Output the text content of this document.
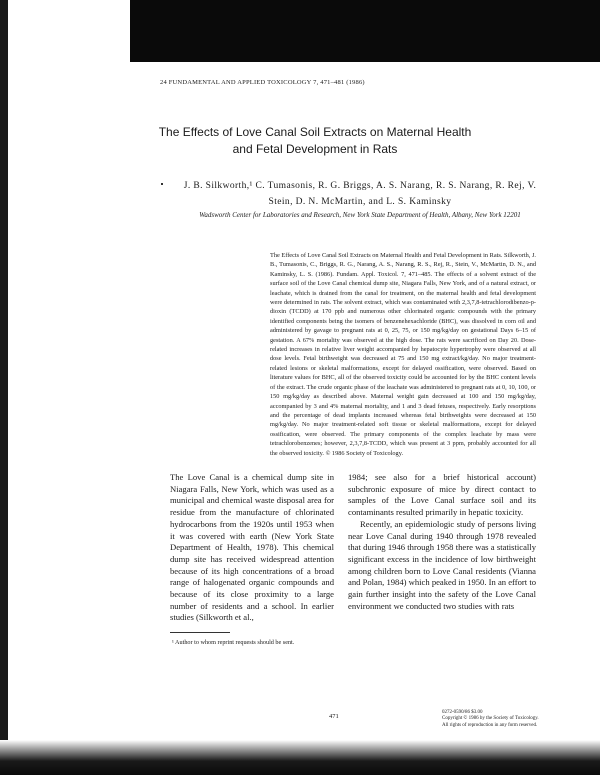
24 FUNDAMENTAL AND APPLIED TOXICOLOGY 7, 471–481 (1986)
The Effects of Love Canal Soil Extracts on Maternal Health and Fetal Development in Rats
J. B. Silkworth,¹ C. Tumasonis, R. G. Briggs, A. S. Narang, R. S. Narang, R. Rej, V. Stein, D. N. McMartin, and L. S. Kaminsky
Wadsworth Center for Laboratories and Research, New York State Department of Health, Albany, New York 12201
The Effects of Love Canal Soil Extracts on Maternal Health and Fetal Development in Rats. Silkworth, J. B., Tumasonis, C., Briggs, R. G., Narang, A. S., Narang, R. S., Rej, R., Stein, V., McMartin, D. N., and Kaminsky, L. S. (1986). Fundam. Appl. Toxicol. 7, 471–485. The effects of a solvent extract of the surface soil of the Love Canal chemical dump site, Niagara Falls, New York, and of a natural extract, or leachate, which is drained from the canal for treatment, on the maternal health and fetal development were determined in rats. The solvent extract, which was contaminated with 2,3,7,8-tetrachlorodibenzo-p-dioxin (TCDD) at 170 ppb and numerous other chlorinated organic compounds with the primary identified components being the isomers of benzenehexachloride (BHC), was dissolved in corn oil and administered by gavage to pregnant rats at 0, 25, 75, or 150 mg/kg/day on gestational Days 6–15 of gestation. A 67% mortality was observed at the high dose. The rats were sacrificed on Day 20. Dose-related increases in relative liver weight accompanied by hepatocyte hypertrophy were observed at all dose levels. Fetal birthweight was decreased at 75 and 150 mg extract/kg/day. No major treatment-related lesions or skeletal malformations, except for delayed ossification, were observed. Based on literature values for BHC, all of the observed toxicity could be accounted for by the BHC content levels of the extract. The crude organic phase of the leachate was administered to pregnant rats at 0, 10, 100, or 150 mg/kg/day as described above. Maternal weight gain decreased at 100 and 150 mg/kg/day, accompanied by 3 and 4% maternal mortality, and 1 and 3 dead fetuses, respectively. Early resorptions and the percentage of dead implants increased whereas fetal birthweights were decreased at 150 mg/kg/day. No major treatment-related soft tissue or skeletal malformations, except for delayed ossification, were observed. The primary components of the complex leachate by mass were tetrachlorobenzenes; however, 2,3,7,8-TCDD, which was present at 3 ppm, probably accounted for all the observed toxicity. © 1986 Society of Toxicology.
The Love Canal is a chemical dump site in Niagara Falls, New York, which was used as a municipal and chemical waste disposal area for residue from the manufacture of chlorinated hydrocarbons from the 1920s until 1953 when it was covered with earth (New York State Department of Health, 1978). This chemical dump site has received widespread attention because of its high concentrations of a broad range of halogenated organic compounds and because of its close proximity to a large number of residents and a school. In earlier studies (Silkworth et al.,
1984; see also for a brief historical account) subchronic exposure of mice by direct contact to samples of the Love Canal surface soil and its contaminants resulted primarily in hepatic toxicity.
Recently, an epidemiologic study of persons living near Love Canal during 1940 through 1978 revealed that during 1946 through 1958 there was a statistically significant excess in the incidence of low birthweight among children born to Love Canal residents (Vianna and Polan, 1984) which peaked in 1950. In an effort to gain further insight into the safety of the Love Canal environment we conducted two studies with rats
¹ Author to whom reprint requests should be sent.
471
0272-0590/86 $3.00
Copyright © 1986 by the Society of Toxicology.
All rights of reproduction in any form reserved.
